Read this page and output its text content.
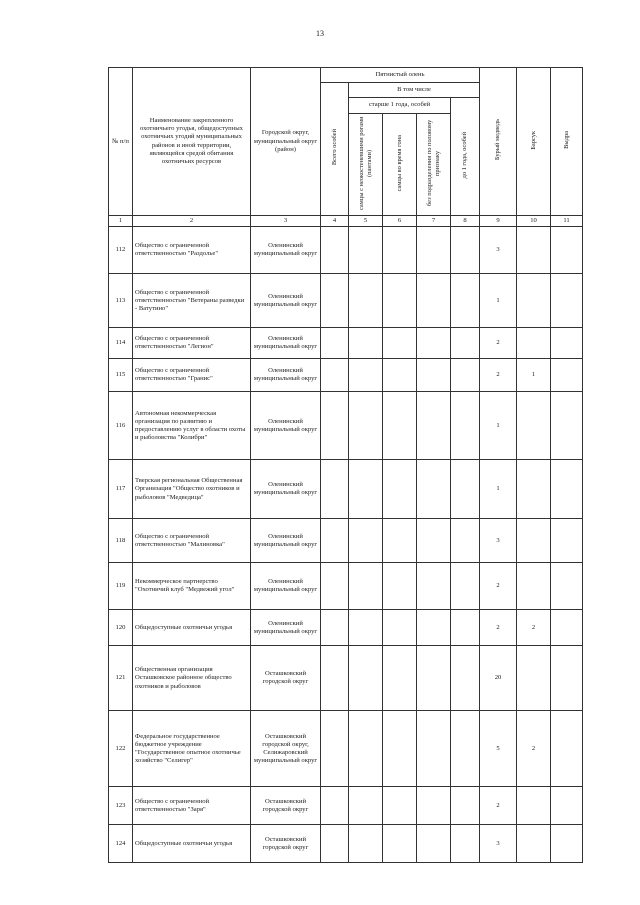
13
№ п/п	Наименование закрепленного охотничьего угодья, общедоступных охотничьих угодий муниципальных районов и иной территории, являющейся средой обитания охотничьих ресурсов	Городской округ, муниципальный округ (район)	Пятнистый олень					Бурый медведь	Барсук	Выдра
			Всего особей	В том числе						
				старше 1 года, особей			до 1 года, особей			
				самцы с неокостеневшими рогами (пантами)	самцы во время гона	без подразделения по половому признаку				
1	2	3	4	5	6	7	8	9	10	11
112	Общество с ограниченной ответственностью "Раздолье"	Оленинский муниципальный округ						3		
113	Общество с ограниченной ответственностью "Ветераны разведки - Ватутино"	Оленинский муниципальный округ						1		
114	Общество с ограниченной ответственностью "Легион"	Оленинский муниципальный округ						2		
115	Общество с ограниченной ответственностью "Гранис"	Оленинский муниципальный округ						2	1	
116	Автономная некоммерческая организация по развитию и предоставлению услуг в области охоты и рыболовства "Колибри"	Оленинский муниципальный округ						1		
117	Тверская региональная Общественная Организация "Общество охотников и рыболовов "Медведица"	Оленинский муниципальный округ						1		
118	Общество с ограниченной ответственностью "Малиновка"	Оленинский муниципальный округ						3		
119	Некоммерческое партнерство "Охотничий клуб "Медвежий угол"	Оленинский муниципальный округ						2		
120	Общедоступные охотничьи угодья	Оленинский муниципальный округ						2	2	
121	Общественная организация Осташковское районное общество охотников и рыболовов	Осташковский городской округ						20		
122	Федеральное государственное бюджетное учреждение "Государственное опытное охотничье хозяйство "Селигер"	Осташковский городской округ, Селижаровский муниципальный округ						5	2	
123	Общество с ограниченной ответственностью "Заря"	Осташковский городской округ						2		
124	Общедоступные охотничьи угодья	Осташковский городской округ						3		
